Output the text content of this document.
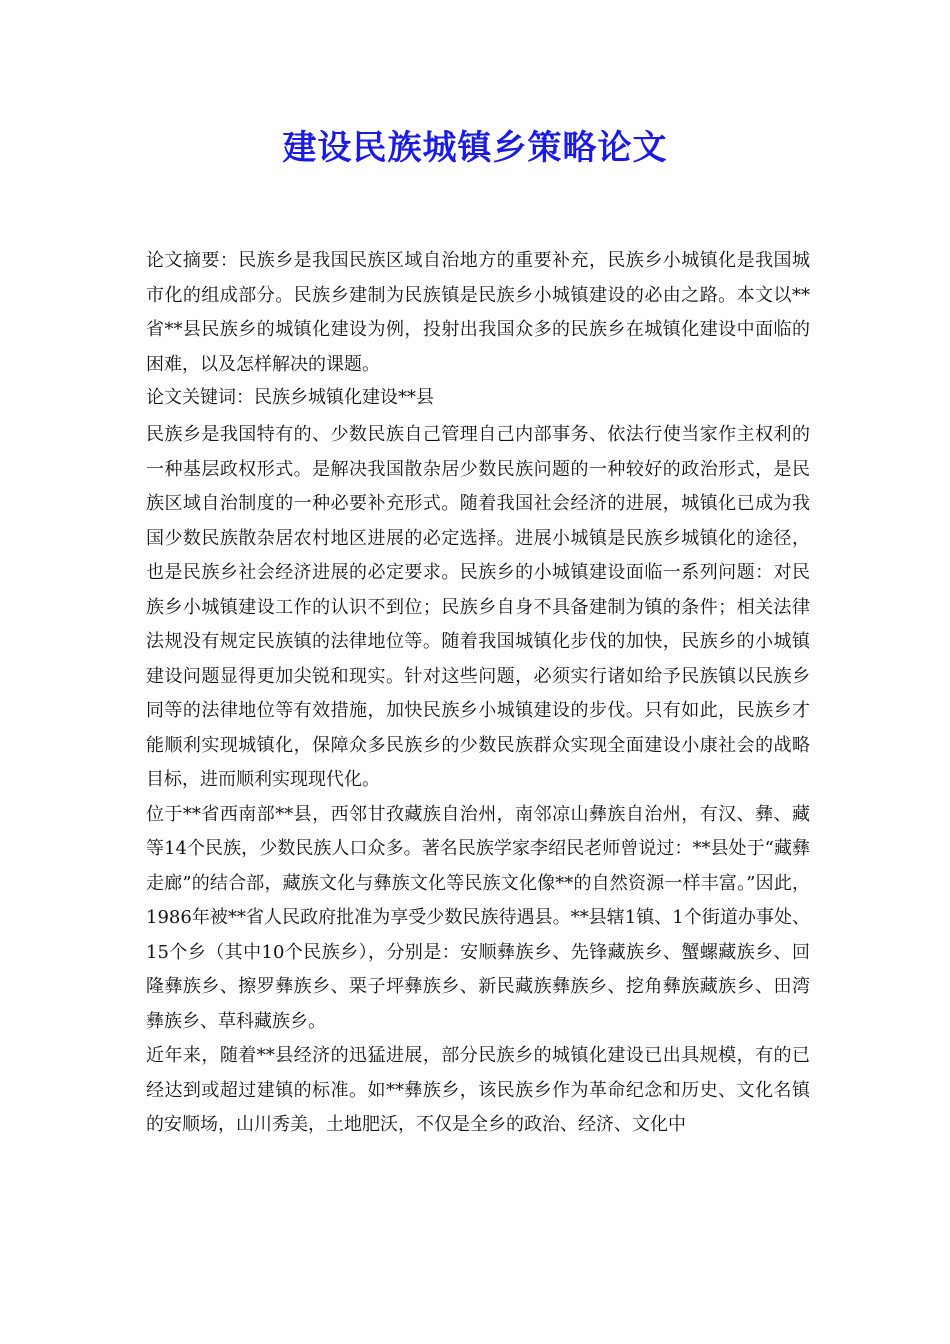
建设民族城镇乡策略论文

论文摘要：民族乡是我国民族区域自治地方的重要补充，民族乡小城镇化是我国城市化的组成部分。民族乡建制为民族镇是民族乡小城镇建设的必由之路。本文以**省**县民族乡的城镇化建设为例，投射出我国众多的民族乡在城镇化建设中面临的困难，以及怎样解决的课题。

论文关键词：民族乡城镇化建设**县

民族乡是我国特有的、少数民族自己管理自己内部事务、依法行使当家作主权利的一种基层政权形式。是解决我国散杂居少数民族问题的一种较好的政治形式，是民族区域自治制度的一种必要补充形式。随着我国社会经济的进展，城镇化已成为我国少数民族散杂居农村地区进展的必定选择。进展小城镇是民族乡城镇化的途径，也是民族乡社会经济进展的必定要求。民族乡的小城镇建设面临一系列问题：对民族乡小城镇建设工作的认识不到位；民族乡自身不具备建制为镇的条件；相关法律法规没有规定民族镇的法律地位等。随着我国城镇化步伐的加快，民族乡的小城镇建设问题显得更加尖锐和现实。针对这些问题，必须实行诸如给予民族镇以民族乡同等的法律地位等有效措施，加快民族乡小城镇建设的步伐。只有如此，民族乡才能顺利实现城镇化，保障众多民族乡的少数民族群众实现全面建设小康社会的战略目标，进而顺利实现现代化。

位于**省西南部**县，西邻甘孜藏族自治州，南邻凉山彝族自治州，有汉、彝、藏等14个民族，少数民族人口众多。著名民族学家李绍民老师曾说过：**县处于“藏彝走廊”的结合部，藏族文化与彝族文化等民族文化像**的自然资源一样丰富。”因此，1986年被**省人民政府批准为享受少数民族待遇县。**县辖1镇、1个街道办事处、15个乡（其中10个民族乡），分别是：安顺彝族乡、先锋藏族乡、蟹螺藏族乡、回隆彝族乡、擦罗彝族乡、栗子坪彝族乡、新民藏族彝族乡、挖角彝族藏族乡、田湾彝族乡、草科藏族乡。

近年来，随着**县经济的迅猛进展，部分民族乡的城镇化建设已出具规模，有的已经达到或超过建镇的标准。如**彝族乡，该民族乡作为革命纪念和历史、文化名镇的安顺场，山川秀美，土地肥沃，不仅是全乡的政治、经济、文化中
